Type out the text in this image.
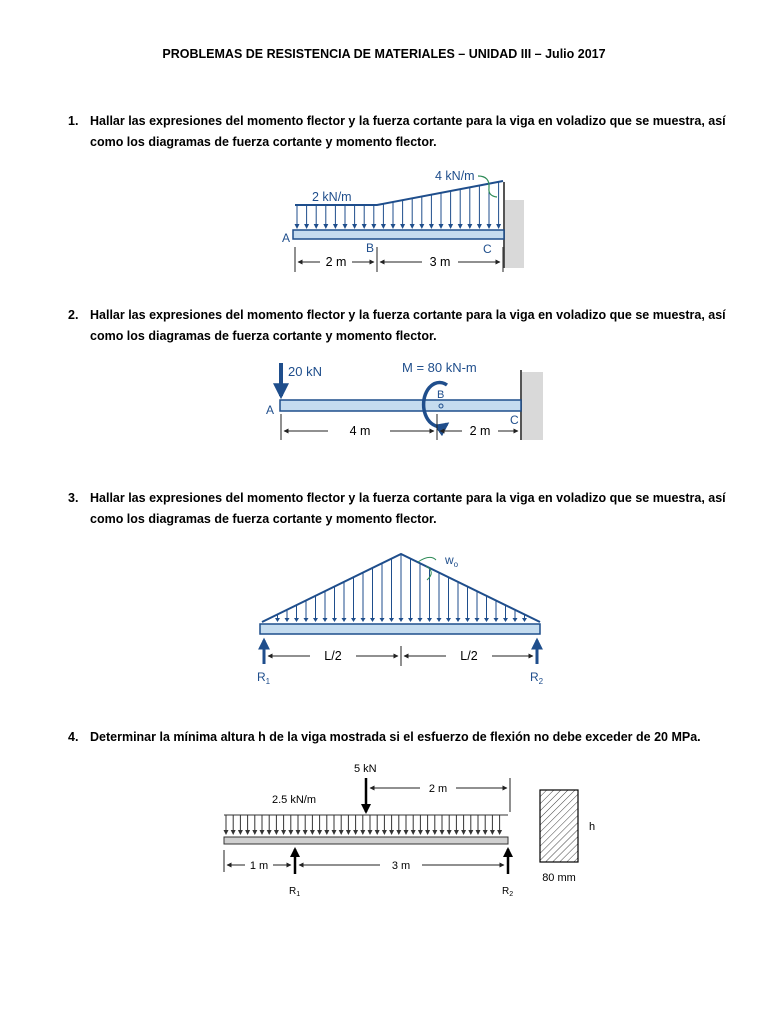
PROBLEMAS DE RESISTENCIA DE MATERIALES – UNIDAD III – Julio 2017
1. Hallar las expresiones del momento flector y la fuerza cortante para la viga en voladizo que se muestra, así como los diagramas de fuerza cortante y momento flector.
2 kN/m
4 kN/m
A
B	C
2 m	3 m
2. Hallar las expresiones del momento flector y la fuerza cortante para la viga en voladizo que se muestra, así como los diagramas de fuerza cortante y momento flector.
20 kN	M = 80 kN-m
B
A
C
4 m	2 m
3. Hallar las expresiones del momento flector y la fuerza cortante para la viga en voladizo que se muestra, así como los diagramas de fuerza cortante y momento flector.
$w_o$
$R_1$	$R_2$
L/2	L/2
4. Determinar la mínima altura h de la viga mostrada si el esfuerzo de flexión no debe exceder de 20 MPa.
5 kN
2.5 kN/m
2 m
$R_1$	$R_2$
1 m	3 m
h
80 mm
